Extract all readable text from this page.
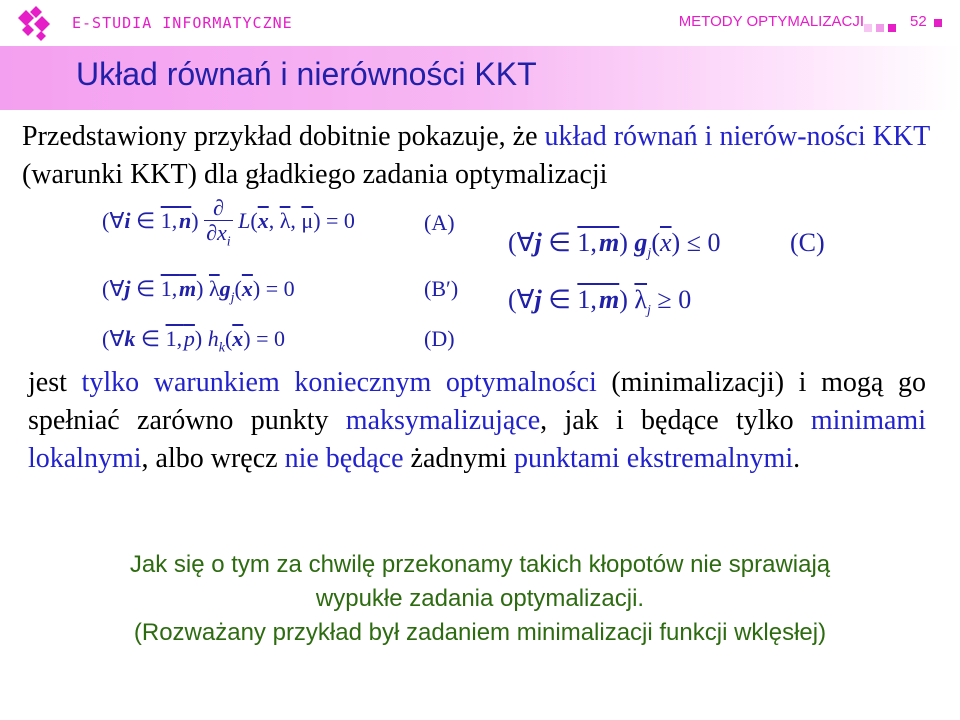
E-STUDIA INFORMATYCZNE	METODY OPTYMALIZACJI	52
Układ równań i nierówności KKT
Przedstawiony przykład dobitnie pokazuje, że układ równań i nierów-ności KKT (warunki KKT) dla gładkiego zadania optymalizacji
(∀i ∈ 1, $n) \frac{\partial}{\partial x_i} L(\overline{x}$, $\overline{\lambda}$, $\overline{\mu}) = 0$	(A)
(∀j ∈ 1, m) $\overline{\lambda}g_j(\overline{x}) = 0$	(B′)
(∀k ∈ 1, p) $h_k(\overline{x}) = 0$	(D)
(∀j ∈ 1, m) $g_j(\overline{x}) \le 0$	(C)
(∀j ∈ 1, m) $\overline{\lambda}_j \ge 0$
jest tylko warunkiem koniecznym optymalności (minimalizacji) i mogą go spełniać zarówno punkty maksymalizujące, jak i będące tylko minimami lokalnymi, albo wręcz nie będące żadnymi punktami ekstremalnymi.
Jak się o tym za chwilę przekonamy takich kłopotów nie sprawiają
wypukłe zadania optymalizacji.
(Rozważany przykład był zadaniem minimalizacji funkcji wklęsłej)
